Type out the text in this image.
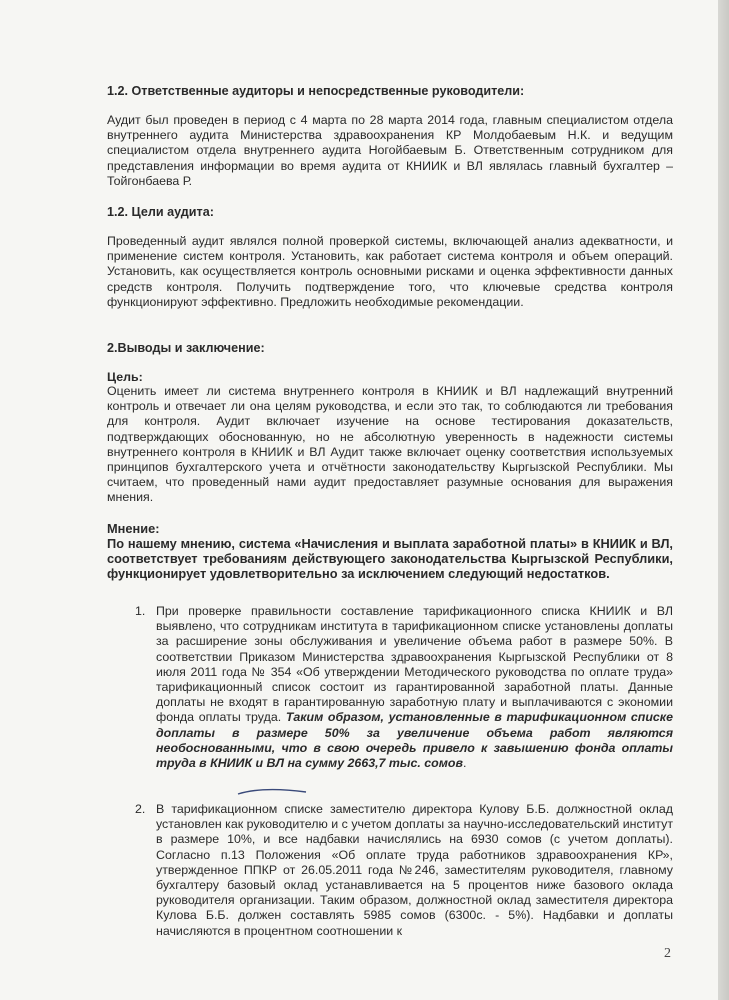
1.2. Ответственные аудиторы и непосредственные руководители:

Аудит был проведен в период с 4 марта по 28 марта 2014 года, главным специалистом отдела внутреннего аудита Министерства здравоохранения КР Молдобаевым Н.К. и ведущим специалистом отдела внутреннего аудита Ногойбаевым Б. Ответственным сотрудником для представления информации во время аудита от КНИИК и ВЛ являлась главный бухгалтер – Тойгонбаева Р.

1.2. Цели аудита:

Проведенный аудит являлся полной проверкой системы, включающей анализ адекватности, и применение систем контроля. Установить, как работает система контроля и объем операций. Установить, как осуществляется контроль основными рисками и оценка эффективности данных средств контроля. Получить подтверждение того, что ключевые средства контроля функционируют эффективно. Предложить необходимые рекомендации.

2.Выводы и заключение:

Цель:

Оценить имеет ли система внутреннего контроля в КНИИК и ВЛ надлежащий внутренний контроль и отвечает ли она целям руководства, и если это так, то соблюдаются ли требования для контроля. Аудит включает изучение на основе тестирования доказательств, подтверждающих обоснованную, но не абсолютную уверенность в надежности системы внутреннего контроля в КНИИК и ВЛ Аудит также включает оценку соответствия используемых принципов бухгалтерского учета и отчётности законодательству Кыргызской Республики. Мы считаем, что проведенный нами аудит предоставляет разумные основания для выражения мнения.

Мнение:

По нашему мнению, система «Начисления и выплата заработной платы» в КНИИК и ВЛ, соответствует требованиям действующего законодательства Кыргызской Республики, функционирует удовлетворительно за исключением следующий недостатков.

1. При проверке правильности составление тарификационного списка КНИИК и ВЛ выявлено, что сотрудникам института в тарификационном списке установлены доплаты за расширение зоны обслуживания и увеличение объема работ в размере 50%. В соответствии Приказом Министерства здравоохранения Кыргызской Республики от 8 июля 2011 года № 354 «Об утверждении Методического руководства по оплате труда» тарификационный список состоит из гарантированной заработной платы. Данные доплаты не входят в гарантированную заработную плату и выплачиваются с экономии фонда оплаты труда. Таким образом, установленные в тарификационном списке доплаты в размере 50% за увеличение объема работ являются необоснованными, что в свою очередь привело к завышению фонда оплаты труда в КНИИК и ВЛ на сумму 2663,7 тыс. сомов.

2. В тарификационном списке заместителю директора Кулову Б.Б. должностной оклад установлен как руководителю и с учетом доплаты за научно-исследовательский институт в размере 10%, и все надбавки начислялись на 6930 сомов (с учетом доплаты). Согласно п.13 Положения «Об оплате труда работников здравоохранения КР», утвержденное ППКР от 26.05.2011 года №246, заместителям руководителя, главному бухгалтеру базовый оклад устанавливается на 5 процентов ниже базового оклада руководителя организации. Таким образом, должностной оклад заместителя директора Кулова Б.Б. должен составлять 5985 сомов (6300с. - 5%). Надбавки и доплаты начисляются в процентном соотношении к

2
